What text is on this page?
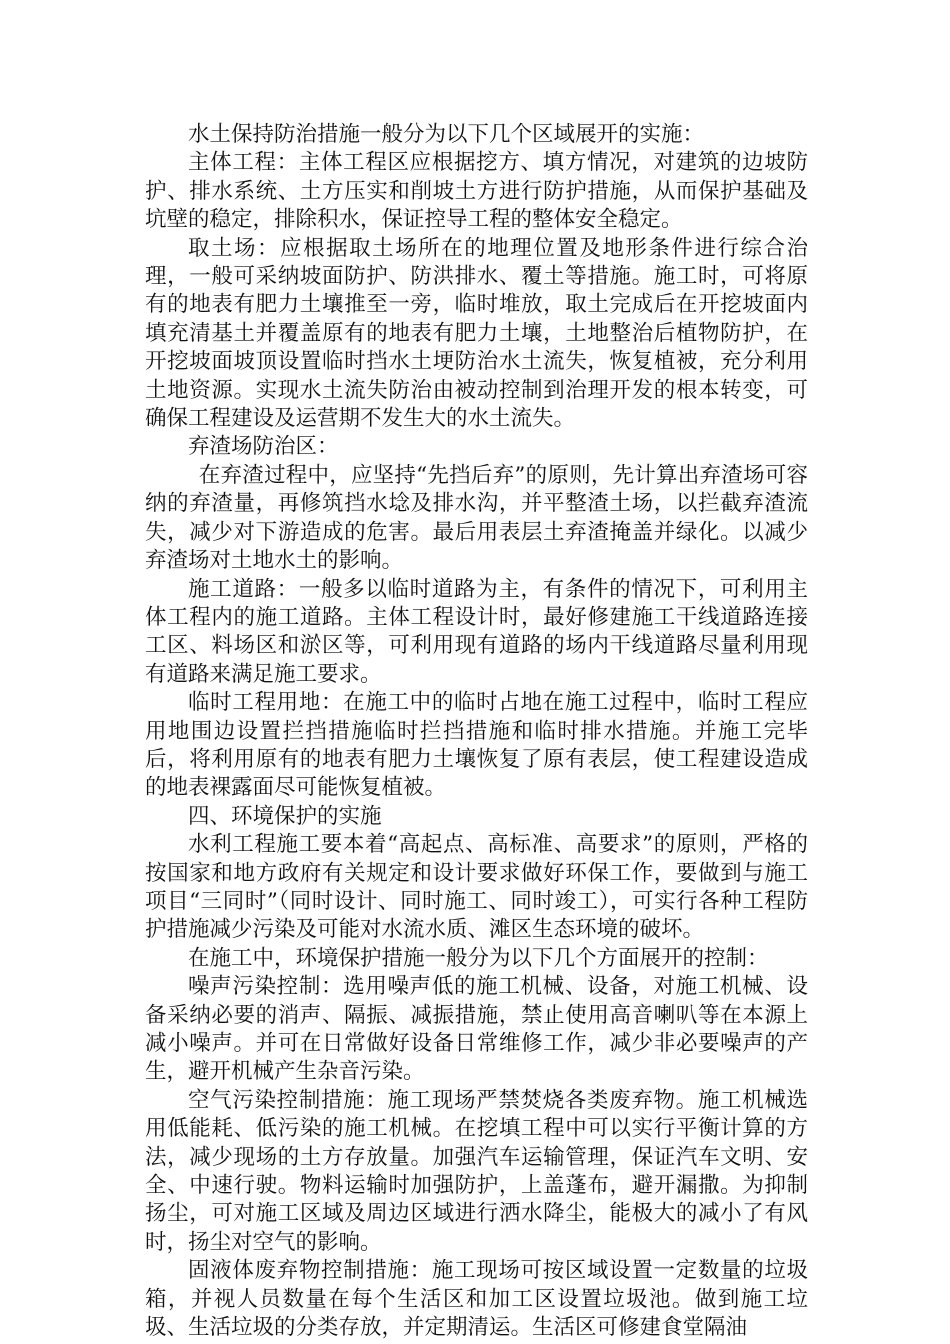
水土保持防治措施一般分为以下几个区域展开的实施：

主体工程：主体工程区应根据挖方、填方情况，对建筑的边坡防护、排水系统、土方压实和削坡土方进行防护措施，从而保护基础及坑壁的稳定，排除积水，保证控导工程的整体安全稳定。

取土场：应根据取土场所在的地理位置及地形条件进行综合治理，一般可采纳坡面防护、防洪排水、覆土等措施。施工时，可将原有的地表有肥力土壤推至一旁，临时堆放，取土完成后在开挖坡面内填充清基土并覆盖原有的地表有肥力土壤，土地整治后植物防护，在开挖坡面坡顶设置临时挡水土埂防治水土流失，恢复植被，充分利用土地资源。实现水土流失防治由被动控制到治理开发的根本转变，可确保工程建设及运营期不发生大的水土流失。

弃渣场防治区：

在弃渣过程中，应坚持“先挡后弃”的原则，先计算出弃渣场可容纳的弃渣量，再修筑挡水埝及排水沟，并平整渣土场，以拦截弃渣流失，减少对下游造成的危害。最后用表层土弃渣掩盖并绿化。以减少弃渣场对土地水土的影响。

施工道路：一般多以临时道路为主，有条件的情况下，可利用主体工程内的施工道路。主体工程设计时，最好修建施工干线道路连接工区、料场区和淤区等，可利用现有道路的场内干线道路尽量利用现有道路来满足施工要求。

临时工程用地：在施工中的临时占地在施工过程中，临时工程应用地围边设置拦挡措施临时拦挡措施和临时排水措施。并施工完毕后，将利用原有的地表有肥力土壤恢复了原有表层，使工程建设造成的地表裸露面尽可能恢复植被。

四、环境保护的实施

水利工程施工要本着“高起点、高标准、高要求”的原则，严格的按国家和地方政府有关规定和设计要求做好环保工作，要做到与施工项目“三同时”（同时设计、同时施工、同时竣工），可实行各种工程防护措施减少污染及可能对水流水质、滩区生态环境的破坏。

在施工中，环境保护措施一般分为以下几个方面展开的控制：

噪声污染控制：选用噪声低的施工机械、设备，对施工机械、设备采纳必要的消声、隔振、减振措施，禁止使用高音喇叭等在本源上减小噪声。并可在日常做好设备日常维修工作，减少非必要噪声的产生，避开机械产生杂音污染。

空气污染控制措施：施工现场严禁焚烧各类废弃物。施工机械选用低能耗、低污染的施工机械。在挖填工程中可以实行平衡计算的方法，减少现场的土方存放量。加强汽车运输管理，保证汽车文明、安全、中速行驶。物料运输时加强防护，上盖蓬布，避开漏撒。为抑制扬尘，可对施工区域及周边区域进行洒水降尘，能极大的减小了有风时，扬尘对空气的影响。

固液体废弃物控制措施：施工现场可按区域设置一定数量的垃圾箱，并视人员数量在每个生活区和加工区设置垃圾池。做到施工垃圾、生活垃圾的分类存放，并定期清运。生活区可修建食堂隔油
